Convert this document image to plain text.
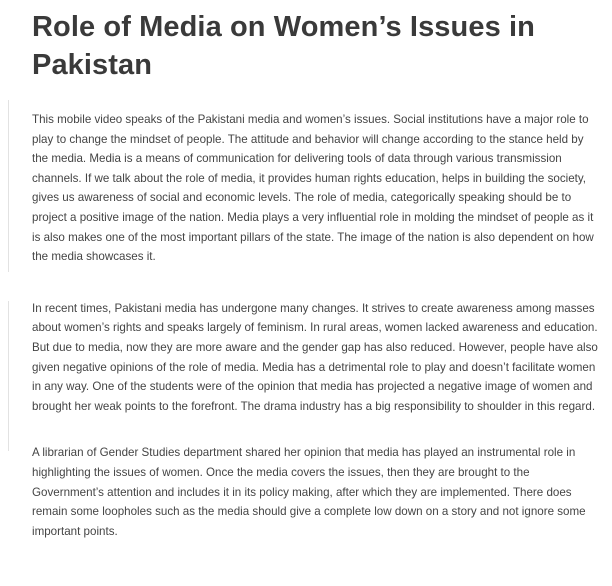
Role of Media on Women’s Issues in Pakistan

This mobile video speaks of the Pakistani media and women’s issues. Social institutions have a major role to play to change the mindset of people. The attitude and behavior will change according to the stance held by the media. Media is a means of communication for delivering tools of data through various transmission channels. If we talk about the role of media, it provides human rights education, helps in building the society, gives us awareness of social and economic levels. The role of media, categorically speaking should be to project a positive image of the nation. Media plays a very influential role in molding the mindset of people as it is also makes one of the most important pillars of the state. The image of the nation is also dependent on how the media showcases it.

In recent times, Pakistani media has undergone many changes. It strives to create awareness among masses about women’s rights and speaks largely of feminism. In rural areas, women lacked awareness and education. But due to media, now they are more aware and the gender gap has also reduced. However, people have also given negative opinions of the role of media. Media has a detrimental role to play and doesn’t facilitate women in any way. One of the students were of the opinion that media has projected a negative image of women and brought her weak points to the forefront. The drama industry has a big responsibility to shoulder in this regard.

A librarian of Gender Studies department shared her opinion that media has played an instrumental role in highlighting the issues of women. Once the media covers the issues, then they are brought to the Government’s attention and includes it in its policy making, after which they are implemented. There does remain some loopholes such as the media should give a complete low down on a story and not ignore some important points.
